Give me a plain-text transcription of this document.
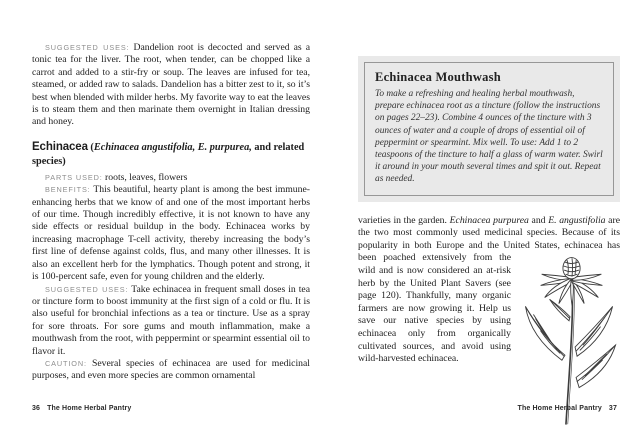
SUGGESTED USES: Dandelion root is decocted and served as a tonic tea for the liver. The root, when tender, can be chopped like a carrot and added to a stir-fry or soup. The leaves are infused for tea, steamed, or added raw to salads. Dandelion has a bitter zest to it, so it’s best when blended with milder herbs. My favorite way to eat the leaves is to steam them and then marinate them overnight in Italian dressing and honey.

Echinacea (Echinacea angustifolia, E. purpurea, and related species)

PARTS USED: roots, leaves, flowers

BENEFITS: This beautiful, hearty plant is among the best immune-enhancing herbs that we know of and one of the most important herbs of our time. Though incredibly effective, it is not known to have any side effects or residual buildup in the body. Echinacea works by increasing macrophage T-cell activity, thereby increasing the body’s first line of defense against colds, flus, and many other illnesses. It is also an excellent herb for the lymphatics. Though potent and strong, it is 100-percent safe, even for young children and the elderly.

SUGGESTED USES: Take echinacea in frequent small doses in tea or tincture form to boost immunity at the first sign of a cold or flu. It is also useful for bronchial infections as a tea or tincture. Use as a spray for sore throats. For sore gums and mouth inflammation, make a mouthwash from the root, with peppermint or spearmint essential oil to flavor it.

CAUTION: Several species of echinacea are used for medicinal purposes, and even more species are common ornamental

Echinacea Mouthwash

To make a refreshing and healing herbal mouthwash, prepare echinacea root as a tincture (follow the instructions on pages 22–23). Combine 4 ounces of the tincture with 3 ounces of water and a couple of drops of essential oil of peppermint or spearmint. Mix well. To use: Add 1 to 2 teaspoons of the tincture to half a glass of warm water. Swirl it around in your mouth several times and spit it out. Repeat as needed.

varieties in the garden. Echinacea purpurea and E. angustifolia are the two most commonly used medicinal species. Because of its popularity in both Europe and the United States, echinacea has been poached extensively from
the wild and is now considered an at-risk herb by the United Plant Savers (see page 120). Thankfully, many organic farmers are now growing it. Help us save our native species by using echinacea only from organically cultivated sources, and avoid using wild-harvested echinacea.

36 The Home Herbal Pantry	The Home Herbal Pantry 37
